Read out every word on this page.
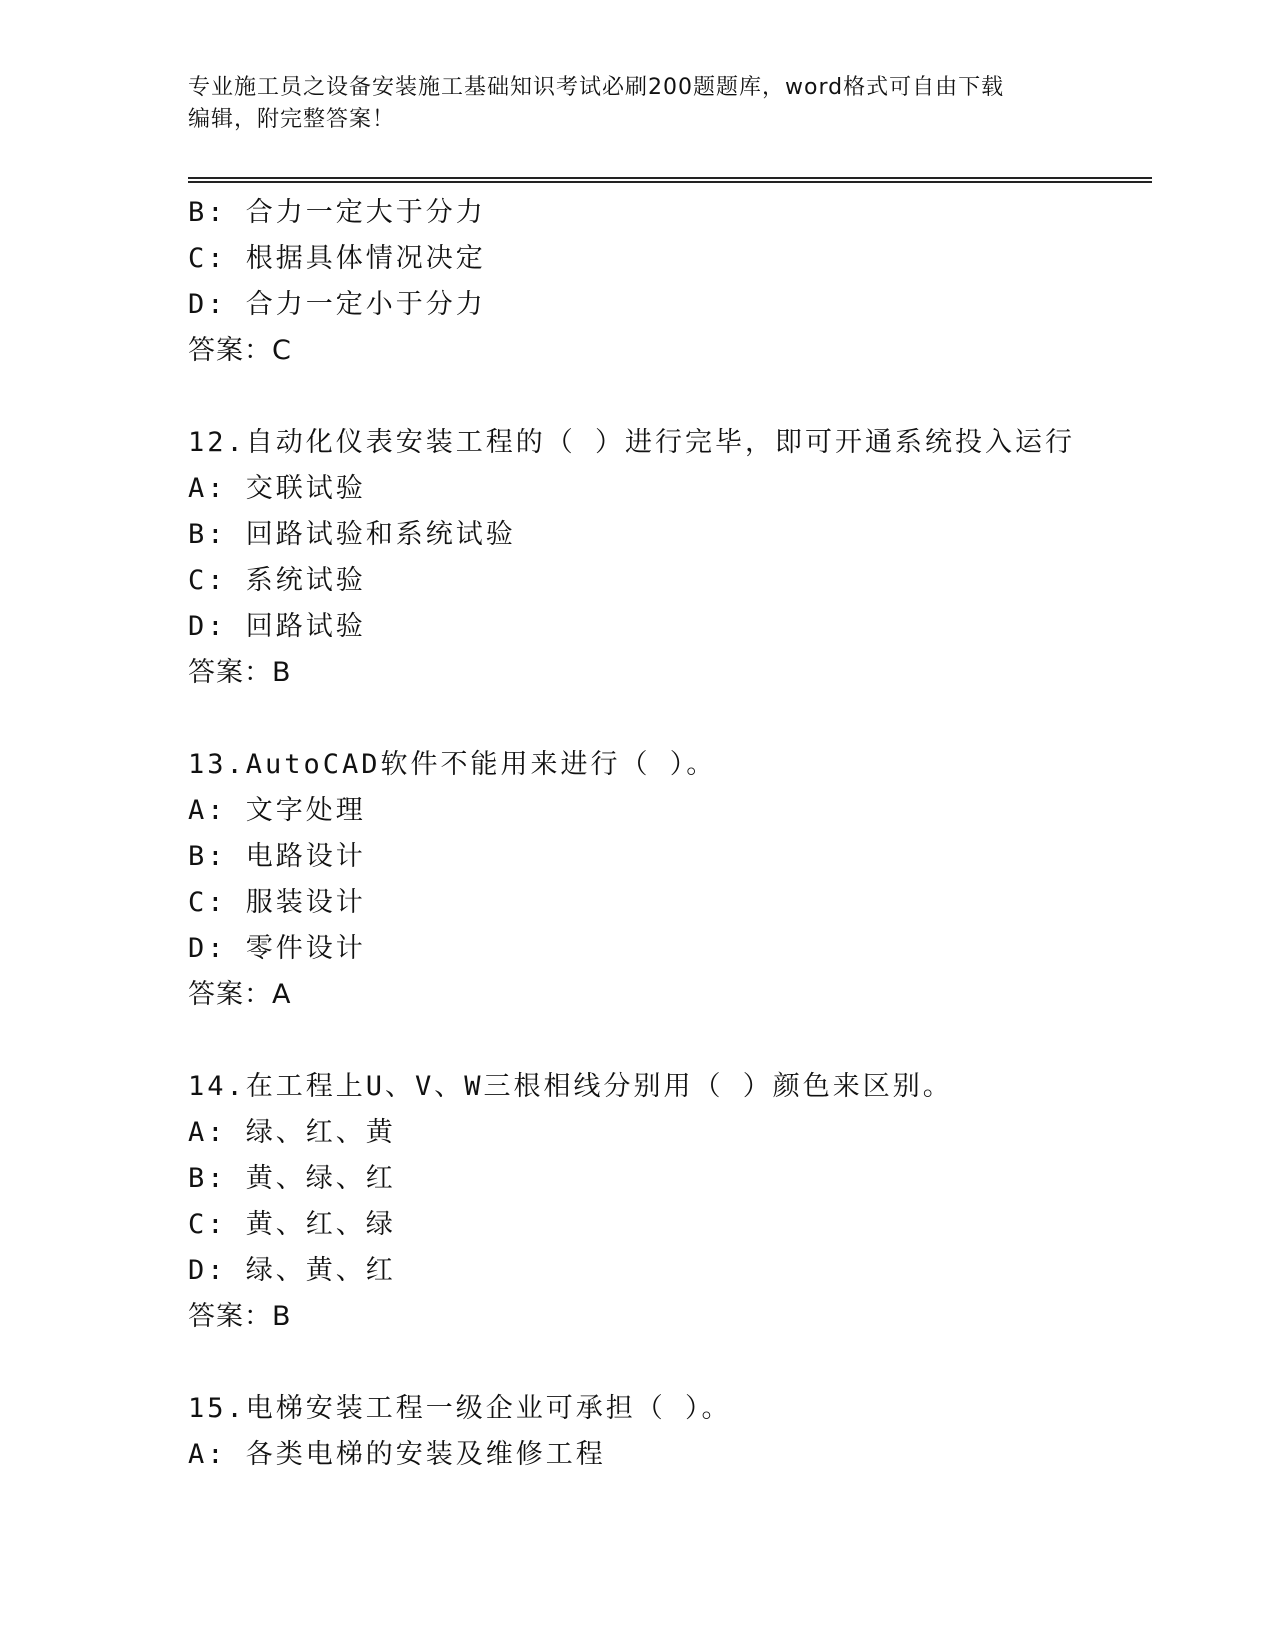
专业施工员之设备安装施工基础知识考试必刷200题题库，word格式可自由下载
编辑，附完整答案！
B: 合力一定大于分力
C: 根据具体情况决定
D: 合力一定小于分力
答案：C
12.自动化仪表安装工程的（ ）进行完毕，即可开通系统投入运行
A: 交联试验
B: 回路试验和系统试验
C: 系统试验
D: 回路试验
答案：B
13.AutoCAD软件不能用来进行（ ）。
A: 文字处理
B: 电路设计
C: 服装设计
D: 零件设计
答案：A
14.在工程上U、V、W三根相线分别用（ ）颜色来区别。
A: 绿、红、黄
B: 黄、绿、红
C: 黄、红、绿
D: 绿、黄、红
答案：B
15.电梯安装工程一级企业可承担（ ）。
A: 各类电梯的安装及维修工程
